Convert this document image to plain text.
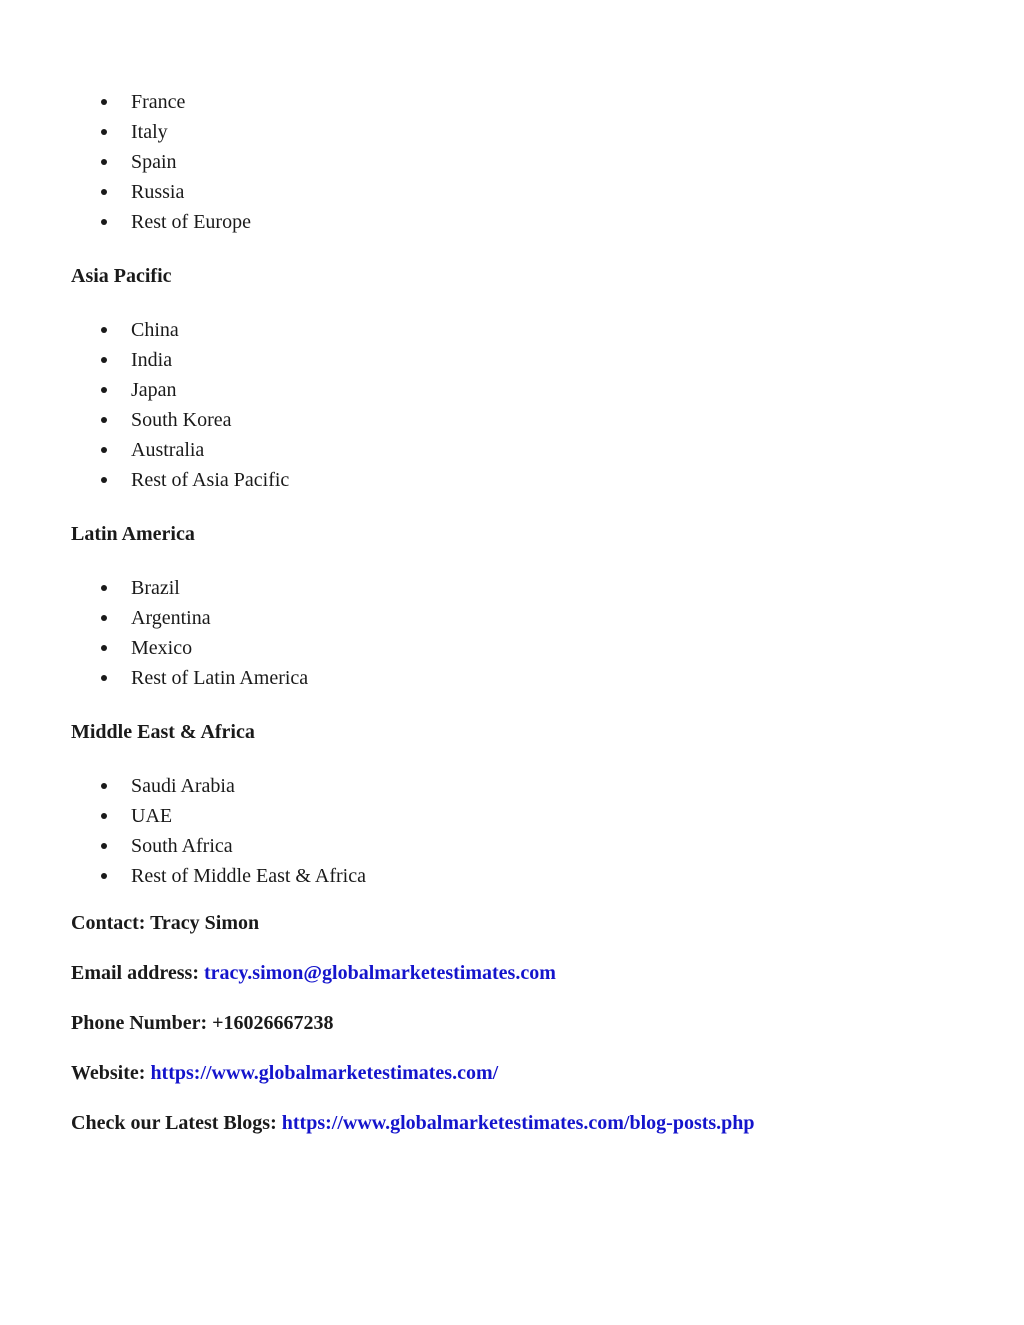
France
Italy
Spain
Russia
Rest of Europe
Asia Pacific
China
India
Japan
South Korea
Australia
Rest of Asia Pacific
Latin America
Brazil
Argentina
Mexico
Rest of Latin America
Middle East & Africa
Saudi Arabia
UAE
South Africa
Rest of Middle East & Africa

Contact: Tracy Simon

Email address: tracy.simon@globalmarketestimates.com

Phone Number: +16026667238

Website: https://www.globalmarketestimates.com/

Check our Latest Blogs: https://www.globalmarketestimates.com/blog-posts.php
